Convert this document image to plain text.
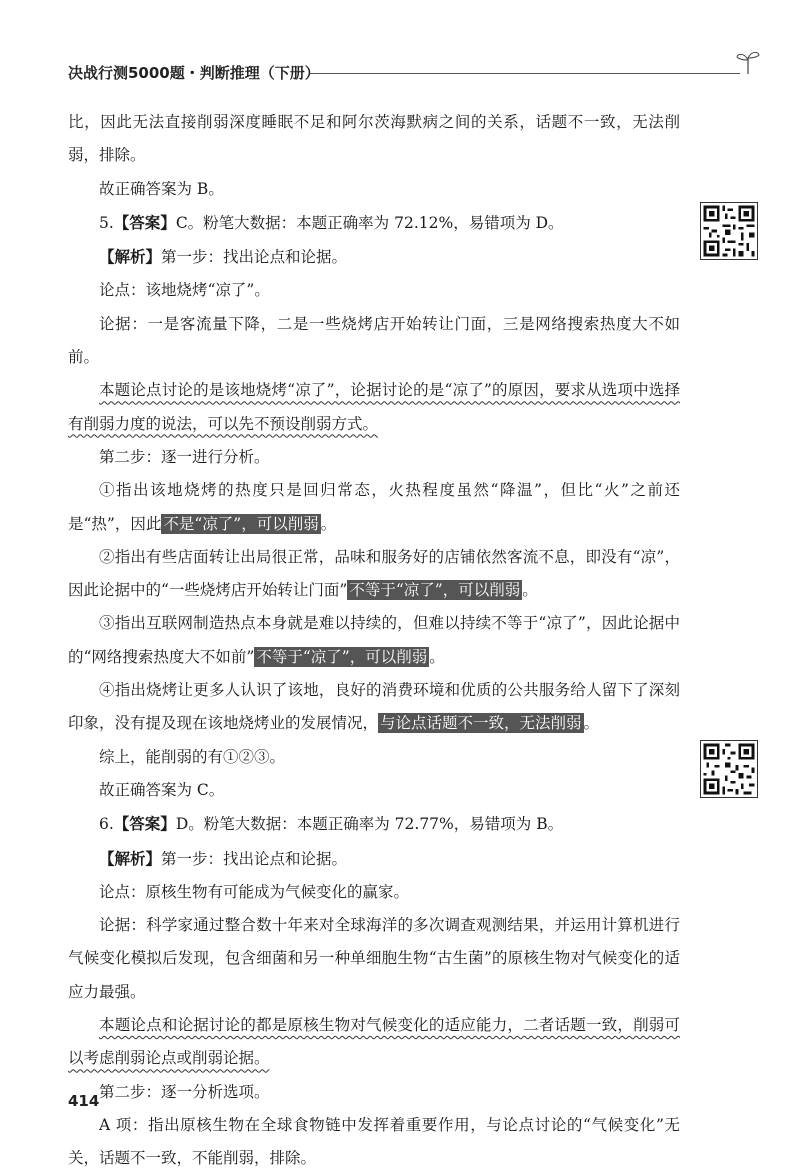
决战行测5000题・判断推理（下册）

比，因此无法直接削弱深度睡眠不足和阿尔茨海默病之间的关系，话题不一致，无法削弱，排除。

故正确答案为 B。

5.【答案】C。粉笔大数据：本题正确率为 72.12%，易错项为 D。

【解析】第一步：找出论点和论据。

论点：该地烧烤“凉了”。

论据：一是客流量下降，二是一些烧烤店开始转让门面，三是网络搜索热度大不如前。

本题论点讨论的是该地烧烤“凉了”，论据讨论的是“凉了”的原因，要求从选项中选择有削弱力度的说法，可以先不预设削弱方式。

第二步：逐一进行分析。

①指出该地烧烤的热度只是回归常态，火热程度虽然“降温”，但比“火”之前还是“热”，因此 不是“凉了”，可以削弱 。

②指出有些店面转让出局很正常，品味和服务好的店铺依然客流不息，即没有“凉”，因此论据中的“一些烧烤店开始转让门面” 不等于“凉了”，可以削弱 。

③指出互联网制造热点本身就是难以持续的，但难以持续不等于“凉了”，因此论据中的“网络搜索热度大不如前” 不等于“凉了”，可以削弱 。

④指出烧烤让更多人认识了该地，良好的消费环境和优质的公共服务给人留下了深刻印象，没有提及现在该地烧烤业的发展情况， 与论点话题不一致，无法削弱 。

综上，能削弱的有①②③。

故正确答案为 C。

6.【答案】D。粉笔大数据：本题正确率为 72.77%，易错项为 B。

【解析】第一步：找出论点和论据。

论点：原核生物有可能成为气候变化的赢家。

论据：科学家通过整合数十年来对全球海洋的多次调查观测结果，并运用计算机进行气候变化模拟后发现，包含细菌和另一种单细胞生物“古生菌”的原核生物对气候变化的适应力最强。

本题论点和论据讨论的都是原核生物对气候变化的适应能力，二者话题一致，削弱可以考虑削弱论点或削弱论据。

第二步：逐一分析选项。

A 项：指出原核生物在全球食物链中发挥着重要作用，与论点讨论的“气候变化”无关，话题不一致，不能削弱，排除。

414
